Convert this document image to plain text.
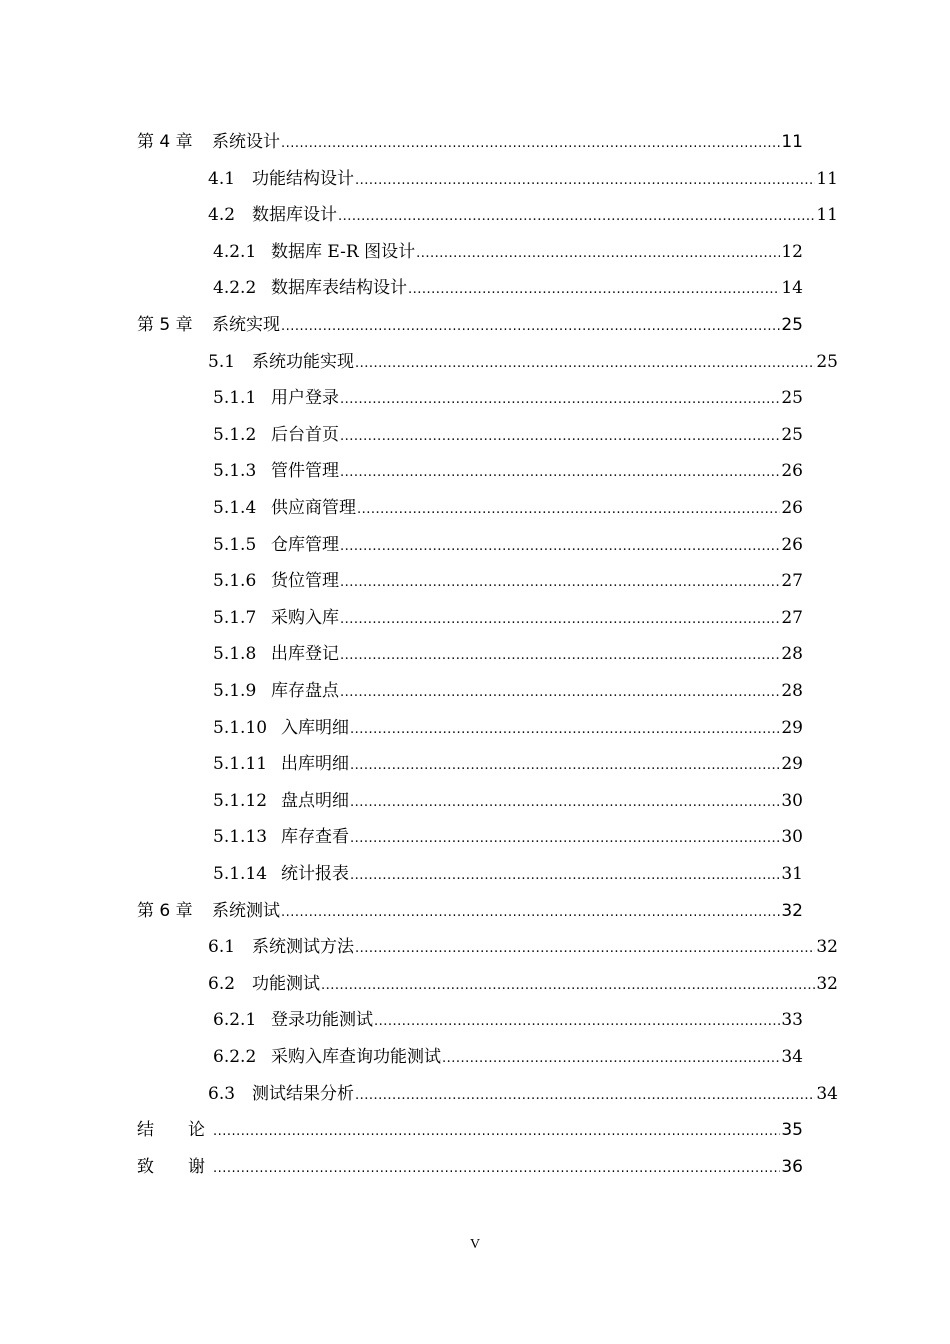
第 4 章	系统设计 .....	11
4.1 功能结构设计 .....	11
4.2 数据库设计 .....	11
4.2.1 数据库 E-R 图设计 .....	12
4.2.2 数据库表结构设计 .....	14
第 5 章	系统实现 .....	25
5.1 系统功能实现 .....	25
5.1.1 用户登录 .....	25
5.1.2 后台首页 .....	25
5.1.3 管件管理 .....	26
5.1.4 供应商管理 .....	26
5.1.5 仓库管理 .....	26
5.1.6 货位管理 .....	27
5.1.7 采购入库 .....	27
5.1.8 出库登记 .....	28
5.1.9 库存盘点 .....	28
5.1.10 入库明细 .....	29
5.1.11 出库明细 .....	29
5.1.12 盘点明细 .....	30
5.1.13 库存查看 .....	30
5.1.14 统计报表 .....	31
第 6 章	系统测试 .....	32
6.1 系统测试方法 .....	32
6.2 功能测试 .....	32
6.2.1 登录功能测试 .....	33
6.2.2 采购入库查询功能测试 .....	34
6.3 测试结果分析 .....	34
结　　论 .....	35
致　　谢 .....	36
V
